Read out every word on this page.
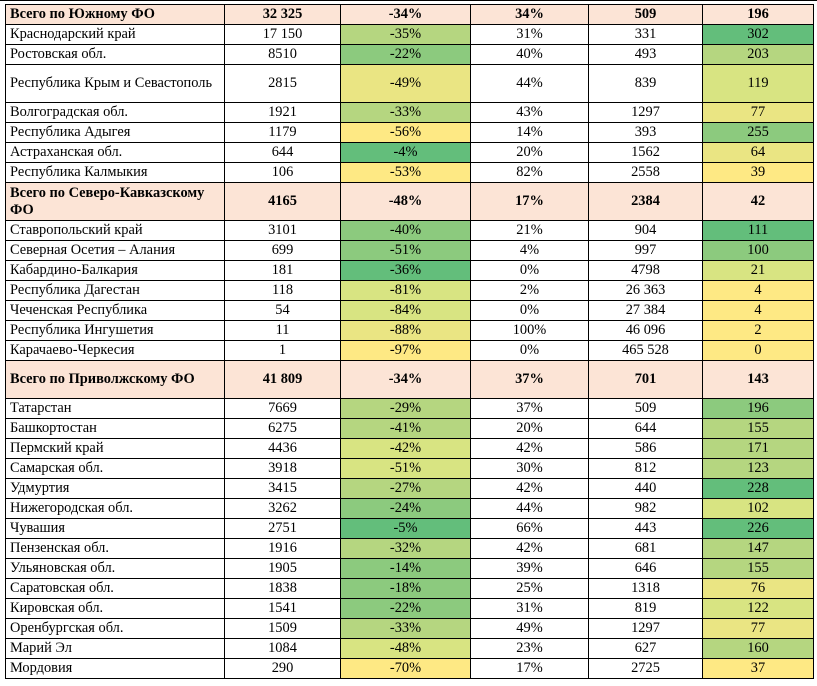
Всего по Южному ФО	32 325	-34%	34%	509	196
Краснодарский край	17 150	-35%	31%	331	302
Ростовская обл.	8510	-22%	40%	493	203
Республика Крым и Севастополь	2815	-49%	44%	839	119
Волгоградская обл.	1921	-33%	43%	1297	77
Республика Адыгея	1179	-56%	14%	393	255
Астраханская обл.	644	-4%	20%	1562	64
Республика Калмыкия	106	-53%	82%	2558	39
Всего по Северо-Кавказскому ФО	4165	-48%	17%	2384	42
Ставропольский край	3101	-40%	21%	904	111
Северная Осетия – Алания	699	-51%	4%	997	100
Кабардино-Балкария	181	-36%	0%	4798	21
Республика Дагестан	118	-81%	2%	26 363	4
Чеченская Республика	54	-84%	0%	27 384	4
Республика Ингушетия	11	-88%	100%	46 096	2
Карачаево-Черкесия	1	-97%	0%	465 528	0
Всего по Приволжскому ФО	41 809	-34%	37%	701	143
Татарстан	7669	-29%	37%	509	196
Башкортостан	6275	-41%	20%	644	155
Пермский край	4436	-42%	42%	586	171
Самарская обл.	3918	-51%	30%	812	123
Удмуртия	3415	-27%	42%	440	228
Нижегородская обл.	3262	-24%	44%	982	102
Чувашия	2751	-5%	66%	443	226
Пензенская обл.	1916	-32%	42%	681	147
Ульяновская обл.	1905	-14%	39%	646	155
Саратовская обл.	1838	-18%	25%	1318	76
Кировская обл.	1541	-22%	31%	819	122
Оренбургская обл.	1509	-33%	49%	1297	77
Марий Эл	1084	-48%	23%	627	160
Мордовия	290	-70%	17%	2725	37
